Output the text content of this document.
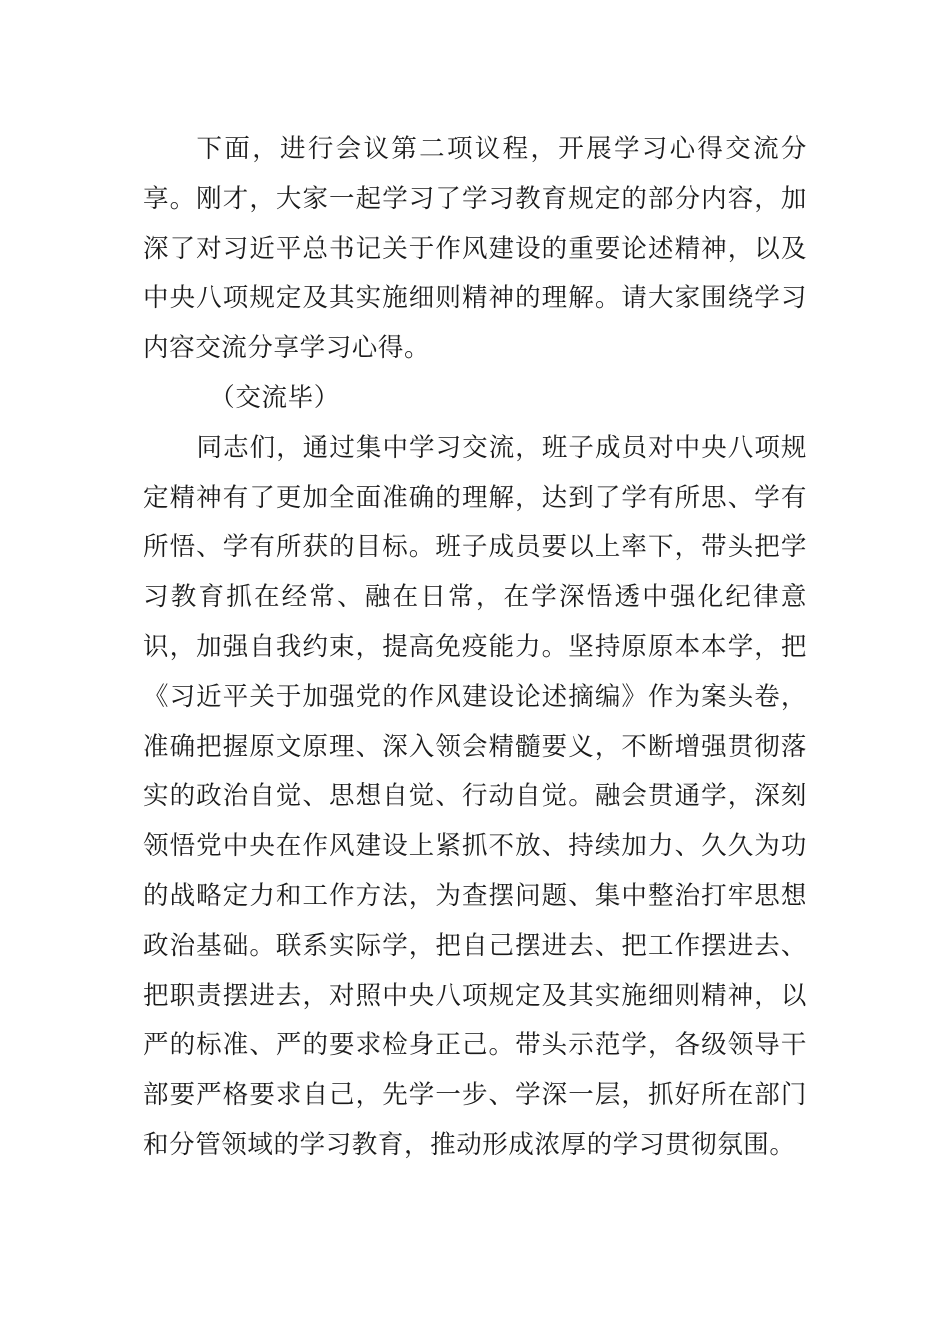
下面，进行会议第二项议程，开展学习心得交流分享。刚才，大家一起学习了学习教育规定的部分内容，加深了对习近平总书记关于作风建设的重要论述精神，以及中央八项规定及其实施细则精神的理解。请大家围绕学习内容交流分享学习心得。

（交流毕）

同志们，通过集中学习交流，班子成员对中央八项规定精神有了更加全面准确的理解，达到了学有所思、学有所悟、学有所获的目标。班子成员要以上率下，带头把学习教育抓在经常、融在日常，在学深悟透中强化纪律意识，加强自我约束，提高免疫能力。坚持原原本本学，把《习近平关于加强党的作风建设论述摘编》作为案头卷，准确把握原文原理、深入领会精髓要义，不断增强贯彻落实的政治自觉、思想自觉、行动自觉。融会贯通学，深刻领悟党中央在作风建设上紧抓不放、持续加力、久久为功的战略定力和工作方法，为查摆问题、集中整治打牢思想政治基础。联系实际学，把自己摆进去、把工作摆进去、把职责摆进去，对照中央八项规定及其实施细则精神，以严的标准、严的要求检身正己。带头示范学，各级领导干部要严格要求自己，先学一步、学深一层，抓好所在部门和分管领域的学习教育，推动形成浓厚的学习贯彻氛围。
